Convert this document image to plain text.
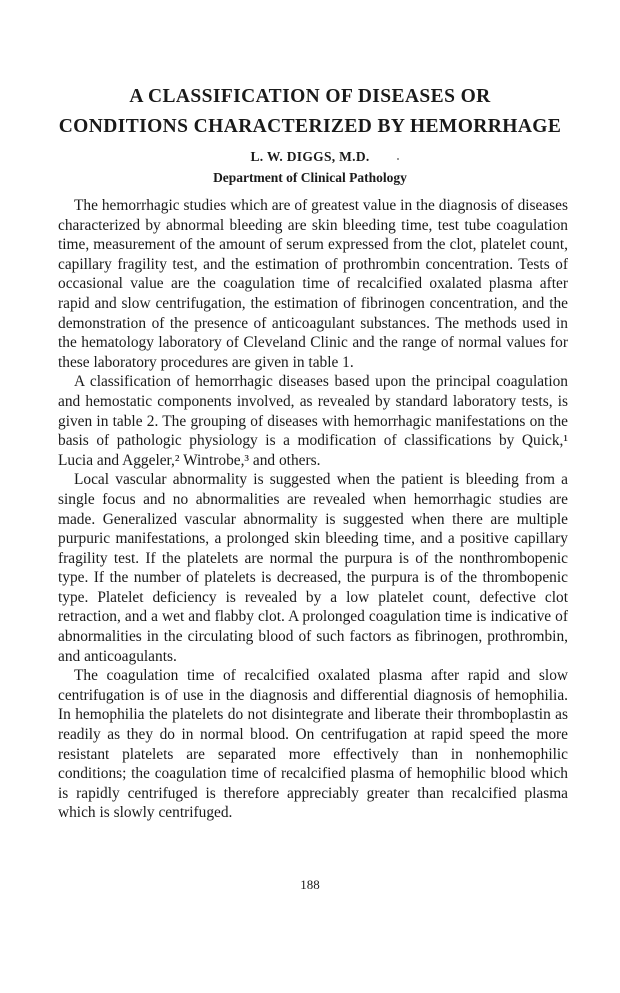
A CLASSIFICATION OF DISEASES OR
CONDITIONS CHARACTERIZED BY HEMORRHAGE

L. W. DIGGS, M.D.

Department of Clinical Pathology

The hemorrhagic studies which are of greatest value in the diagnosis of diseases characterized by abnormal bleeding are skin bleeding time, test tube coagulation time, measurement of the amount of serum expressed from the clot, platelet count, capillary fragility test, and the estimation of prothrombin concentration. Tests of occasional value are the coagulation time of recalcified oxalated plasma after rapid and slow centrifugation, the estimation of fibrinogen concentration, and the demonstration of the presence of anticoagulant substances. The methods used in the hematology laboratory of Cleveland Clinic and the range of normal values for these laboratory procedures are given in table 1.

A classification of hemorrhagic diseases based upon the principal coagulation and hemostatic components involved, as revealed by standard laboratory tests, is given in table 2. The grouping of diseases with hemorrhagic manifestations on the basis of pathologic physiology is a modification of classifications by Quick,¹ Lucia and Aggeler,² Wintrobe,³ and others.

Local vascular abnormality is suggested when the patient is bleeding from a single focus and no abnormalities are revealed when hemorrhagic studies are made. Generalized vascular abnormality is suggested when there are multiple purpuric manifestations, a prolonged skin bleeding time, and a positive capillary fragility test. If the platelets are normal the purpura is of the nonthrombopenic type. If the number of platelets is decreased, the purpura is of the thrombopenic type. Platelet deficiency is revealed by a low platelet count, defective clot retraction, and a wet and flabby clot. A prolonged coagulation time is indicative of abnormalities in the circulating blood of such factors as fibrinogen, prothrombin, and anticoagulants.

The coagulation time of recalcified oxalated plasma after rapid and slow centrifugation is of use in the diagnosis and differential diagnosis of hemophilia. In hemophilia the platelets do not disintegrate and liberate their thromboplastin as readily as they do in normal blood. On centrifugation at rapid speed the more resistant platelets are separated more effectively than in nonhemophilic conditions; the coagulation time of recalcified plasma of hemophilic blood which is rapidly centrifuged is therefore appreciably greater than recalcified plasma which is slowly centrifuged.

188
